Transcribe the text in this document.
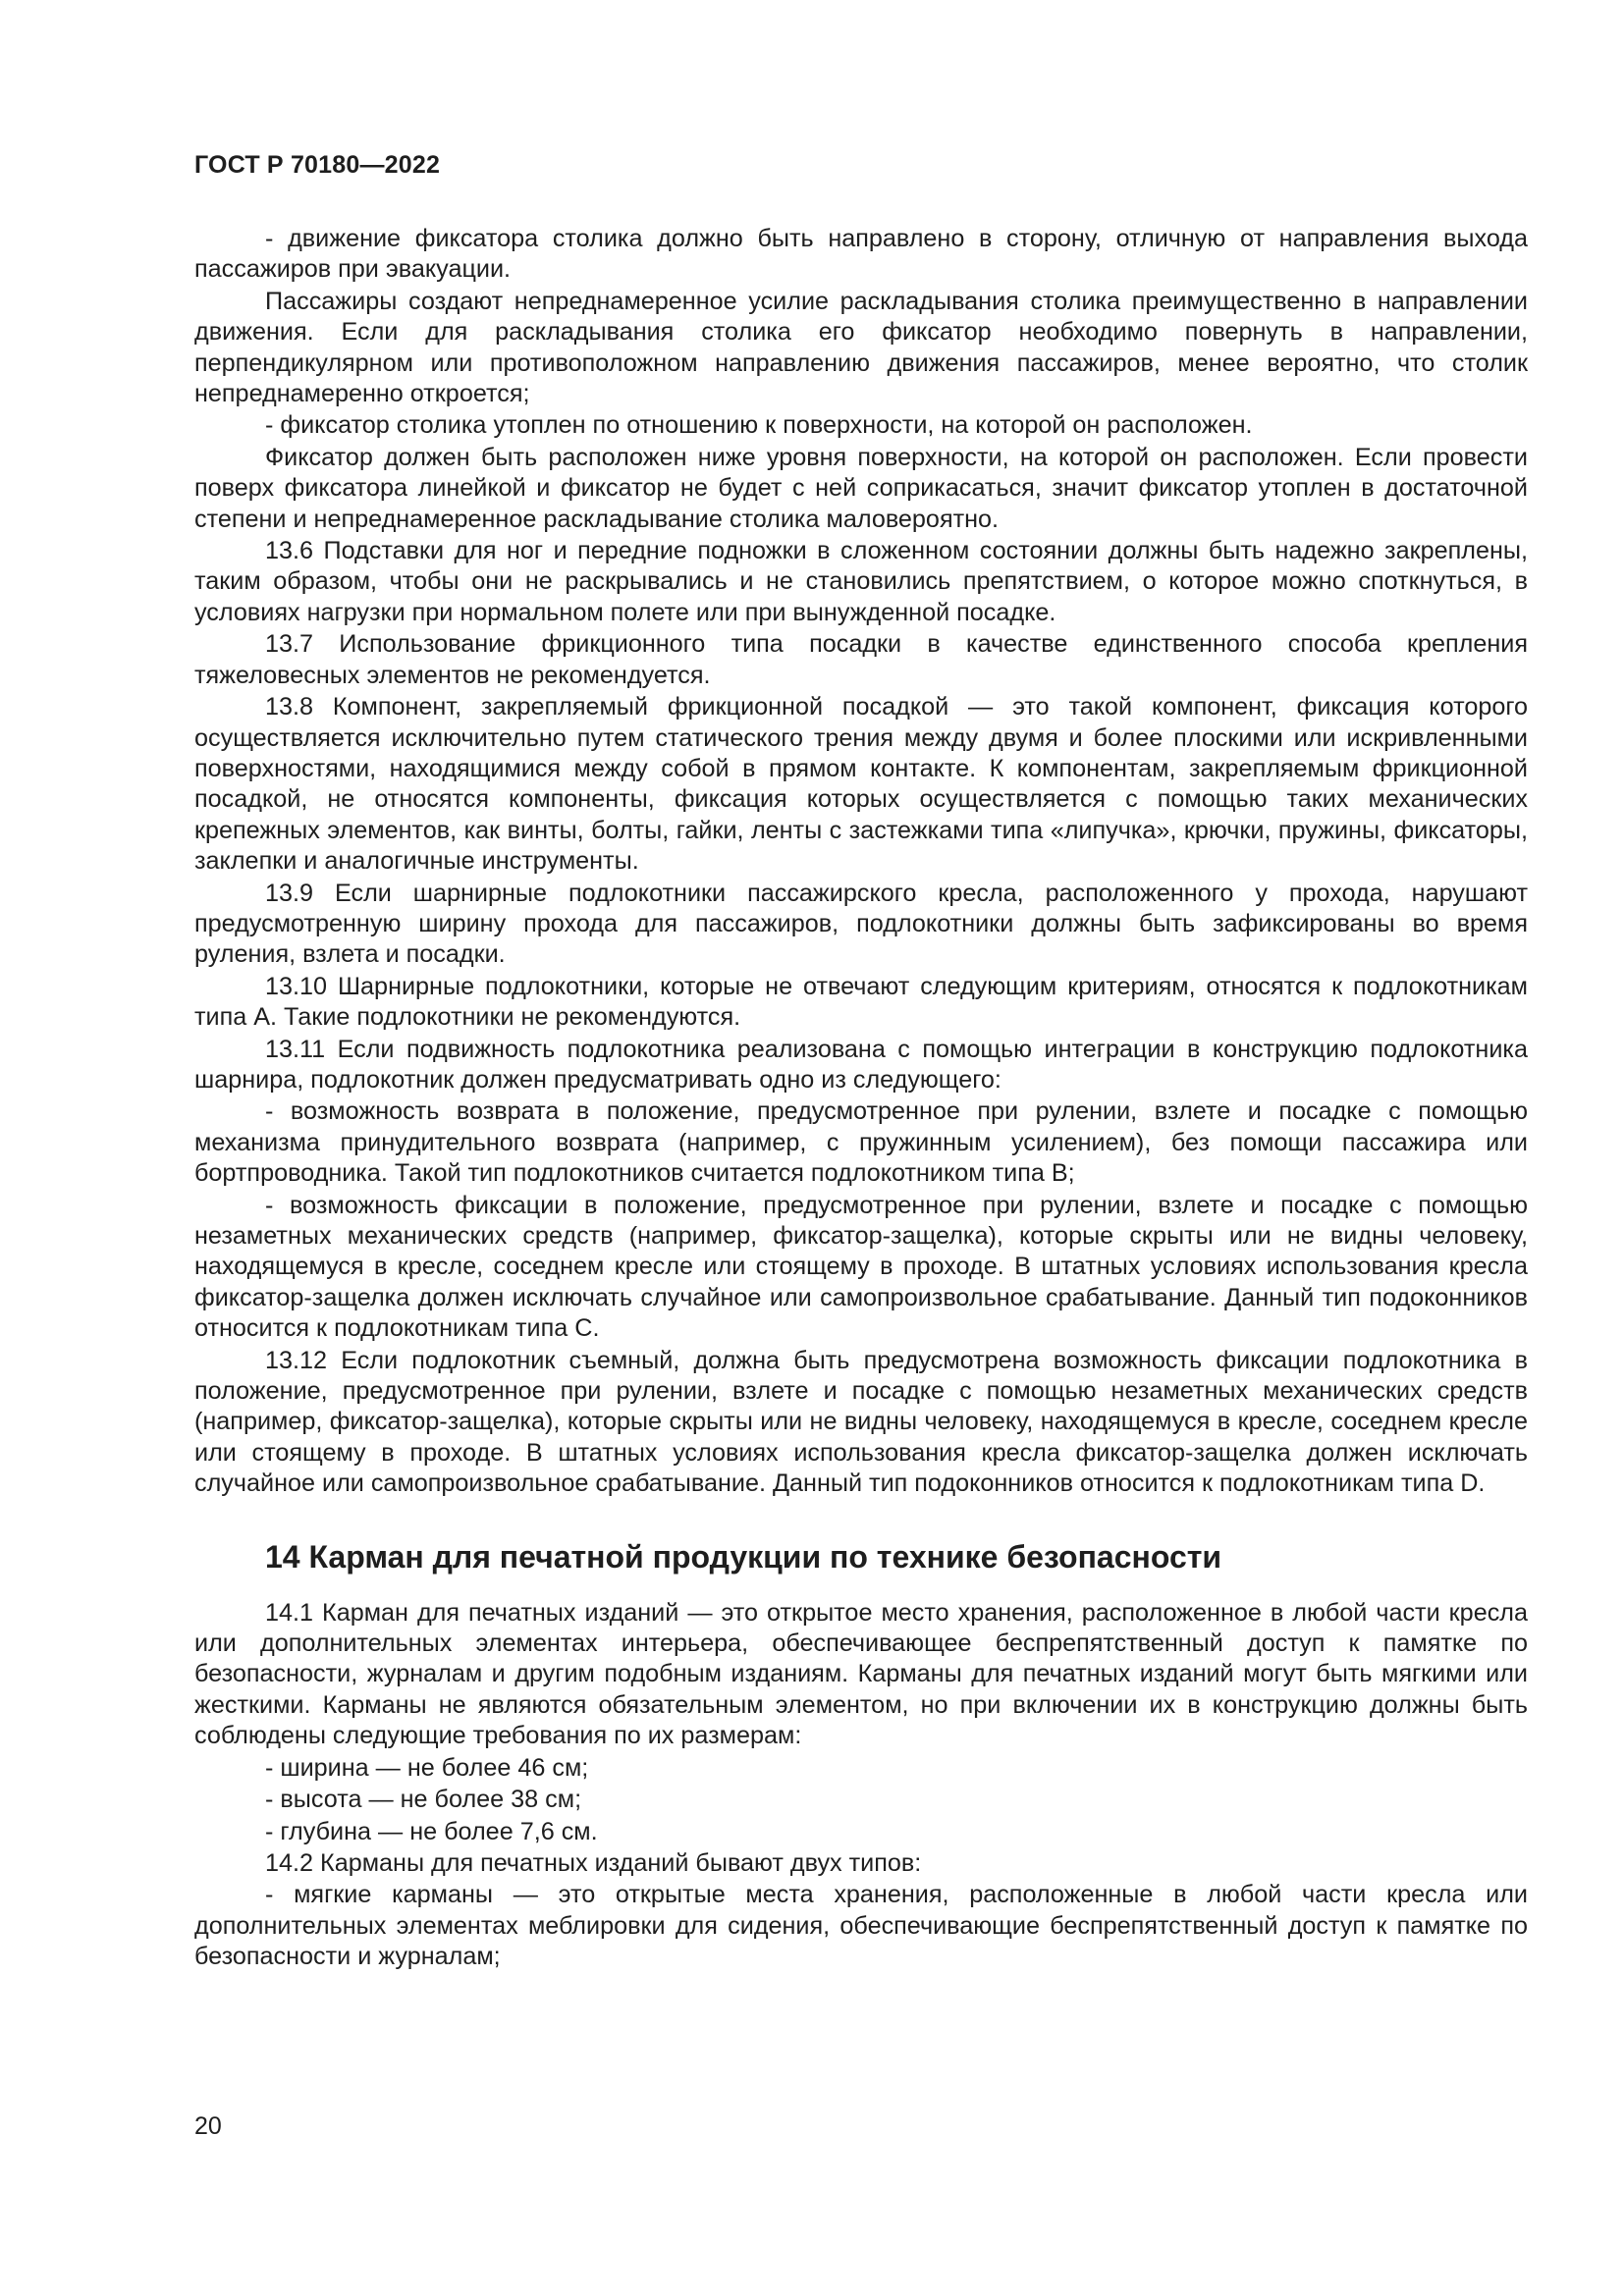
ГОСТ Р 70180—2022

- движение фиксатора столика должно быть направлено в сторону, отличную от направления выхода пассажиров при эвакуации.

Пассажиры создают непреднамеренное усилие раскладывания столика преимущественно в направлении движения. Если для раскладывания столика его фиксатор необходимо повернуть в направлении, перпендикулярном или противоположном направлению движения пассажиров, менее вероятно, что столик непреднамеренно откроется;

- фиксатор столика утоплен по отношению к поверхности, на которой он расположен.

Фиксатор должен быть расположен ниже уровня поверхности, на которой он расположен. Если провести поверх фиксатора линейкой и фиксатор не будет с ней соприкасаться, значит фиксатор утоплен в достаточной степени и непреднамеренное раскладывание столика маловероятно.

13.6 Подставки для ног и передние подножки в сложенном состоянии должны быть надежно закреплены, таким образом, чтобы они не раскрывались и не становились препятствием, о которое можно споткнуться, в условиях нагрузки при нормальном полете или при вынужденной посадке.

13.7 Использование фрикционного типа посадки в качестве единственного способа крепления тяжеловесных элементов не рекомендуется.

13.8 Компонент, закрепляемый фрикционной посадкой — это такой компонент, фиксация которого осуществляется исключительно путем статического трения между двумя и более плоскими или искривленными поверхностями, находящимися между собой в прямом контакте. К компонентам, закрепляемым фрикционной посадкой, не относятся компоненты, фиксация которых осуществляется с помощью таких механических крепежных элементов, как винты, болты, гайки, ленты с застежками типа «липучка», крючки, пружины, фиксаторы, заклепки и аналогичные инструменты.

13.9 Если шарнирные подлокотники пассажирского кресла, расположенного у прохода, нарушают предусмотренную ширину прохода для пассажиров, подлокотники должны быть зафиксированы во время руления, взлета и посадки.

13.10 Шарнирные подлокотники, которые не отвечают следующим критериям, относятся к подлокотникам типа А. Такие подлокотники не рекомендуются.

13.11 Если подвижность подлокотника реализована с помощью интеграции в конструкцию подлокотника шарнира, подлокотник должен предусматривать одно из следующего:

- возможность возврата в положение, предусмотренное при рулении, взлете и посадке с помощью механизма принудительного возврата (например, с пружинным усилением), без помощи пассажира или бортпроводника. Такой тип подлокотников считается подлокотником типа В;

- возможность фиксации в положение, предусмотренное при рулении, взлете и посадке с помощью незаметных механических средств (например, фиксатор-защелка), которые скрыты или не видны человеку, находящемуся в кресле, соседнем кресле или стоящему в проходе. В штатных условиях использования кресла фиксатор-защелка должен исключать случайное или самопроизвольное срабатывание. Данный тип подоконников относится к подлокотникам типа С.

13.12 Если подлокотник съемный, должна быть предусмотрена возможность фиксации подлокотника в положение, предусмотренное при рулении, взлете и посадке с помощью незаметных механических средств (например, фиксатор-защелка), которые скрыты или не видны человеку, находящемуся в кресле, соседнем кресле или стоящему в проходе. В штатных условиях использования кресла фиксатор-защелка должен исключать случайное или самопроизвольное срабатывание. Данный тип подоконников относится к подлокотникам типа D.

14 Карман для печатной продукции по технике безопасности

14.1 Карман для печатных изданий — это открытое место хранения, расположенное в любой части кресла или дополнительных элементах интерьера, обеспечивающее беспрепятственный доступ к памятке по безопасности, журналам и другим подобным изданиям. Карманы для печатных изданий могут быть мягкими или жесткими. Карманы не являются обязательным элементом, но при включении их в конструкцию должны быть соблюдены следующие требования по их размерам:

- ширина — не более 46 см;

- высота — не более 38 см;

- глубина — не более 7,6 см.

14.2 Карманы для печатных изданий бывают двух типов:

- мягкие карманы — это открытые места хранения, расположенные в любой части кресла или дополнительных элементах меблировки для сидения, обеспечивающие беспрепятственный доступ к памятке по безопасности и журналам;

20
